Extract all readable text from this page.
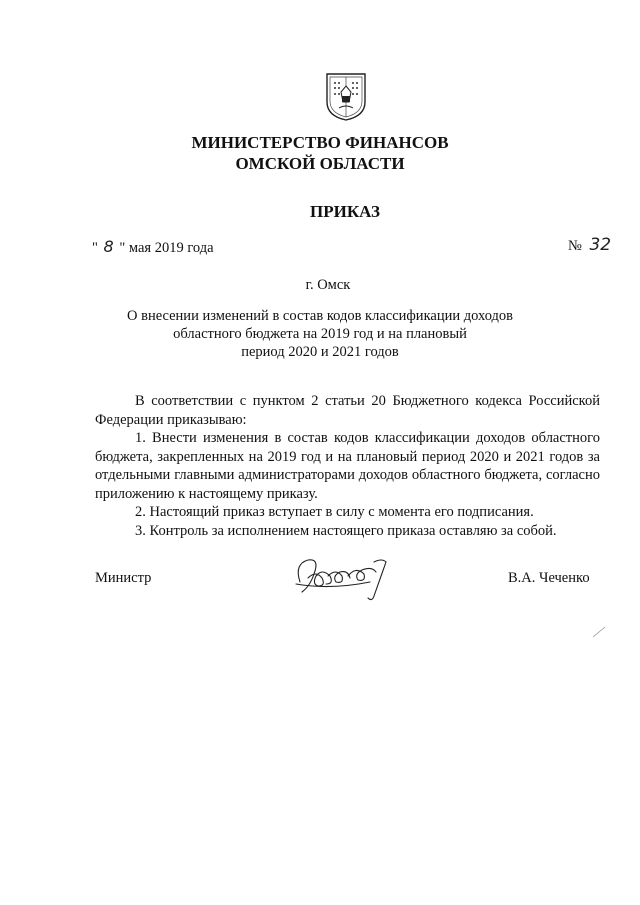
МИНИСТЕРСТВО ФИНАНСОВ
ОМСКОЙ ОБЛАСТИ
ПРИКАЗ
" 8 " мая 2019 года	№ 32
г. Омск
О внесении изменений в состав кодов классификации доходов
областного бюджета на 2019 год и на плановый
период 2020 и 2021 годов

В соответствии с пунктом 2 статьи 20 Бюджетного кодекса Российской Федерации приказываю:

1. Внести изменения в состав кодов классификации доходов областного бюджета, закрепленных на 2019 год и на плановый период 2020 и 2021 годов за отдельными главными администраторами доходов областного бюджета, согласно приложению к настоящему приказу.

2. Настоящий приказ вступает в силу с момента его подписания.

3. Контроль за исполнением настоящего приказа оставляю за собой.

Министр	В.А. Чеченко
